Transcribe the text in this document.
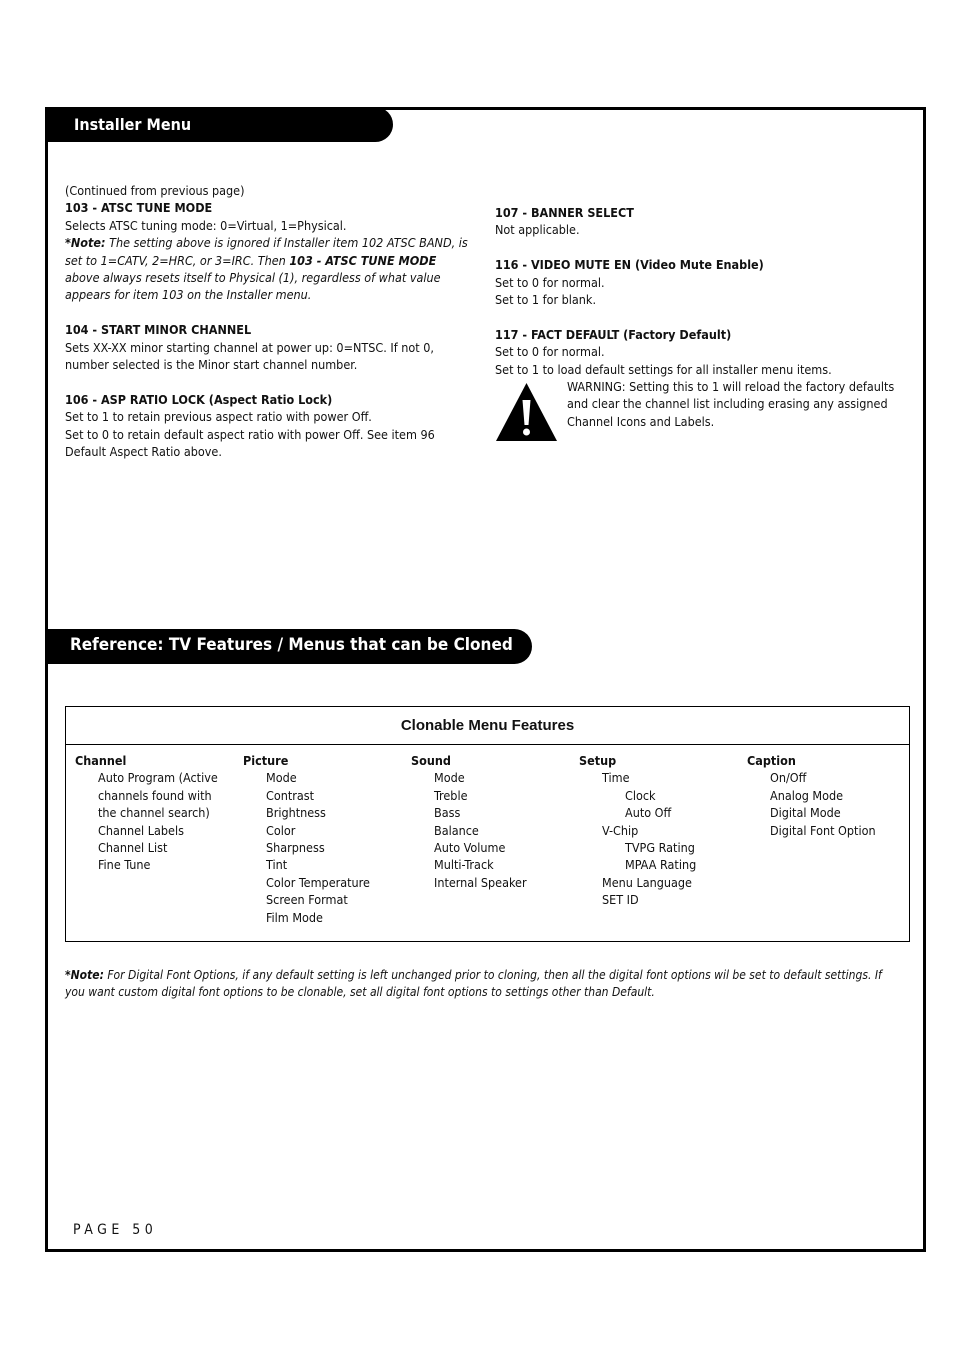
Installer Menu

(Continued from previous page)

103 - ATSC TUNE MODE

Selects ATSC tuning mode: 0=Virtual, 1=Physical.

*Note: The setting above is ignored if Installer item 102 ATSC BAND, is set to 1=CATV, 2=HRC, or 3=IRC. Then 103 - ATSC TUNE MODE above always resets itself to Physical (1), regardless of what value appears for item 103 on the Installer menu.

104 - START MINOR CHANNEL

Sets XX-XX minor starting channel at power up: 0=NTSC. If not 0, number selected is the Minor start channel number.

106 - ASP RATIO LOCK (Aspect Ratio Lock)

Set to 1 to retain previous aspect ratio with power Off.

Set to 0 to retain default aspect ratio with power Off. See item 96 Default Aspect Ratio above.

107 - BANNER SELECT

Not applicable.

116 - VIDEO MUTE EN (Video Mute Enable)

Set to 0 for normal.

Set to 1 for blank.

117 - FACT DEFAULT (Factory Default)

Set to 0 for normal.

Set to 1 to load default settings for all installer menu items.

WARNING: Setting this to 1 will reload the factory defaults and clear the channel list including erasing any assigned Channel Icons and Labels.

Reference: TV Features / Menus that can be Cloned
Clonable Menu Features
Channel
Auto Program (Active
channels found with
the channel search)
Channel Labels
Channel List
Fine Tune
Picture
Mode
Contrast
Brightness
Color
Sharpness
Tint
Color Temperature
Screen Format
Film Mode
Sound
Mode
Treble
Bass
Balance
Auto Volume
Multi-Track
Internal Speaker
Setup
Time
Clock
Auto Off
V-Chip
TVPG Rating
MPAA Rating
Menu Language
SET ID
Caption
On/Off
Analog Mode
Digital Mode
Digital Font Option

*Note: For Digital Font Options, if any default setting is left unchanged prior to cloning, then all the digital font options wil be set to default settings. If you want custom digital font options to be clonable, set all digital font options to settings other than Default.

PAGE 50
